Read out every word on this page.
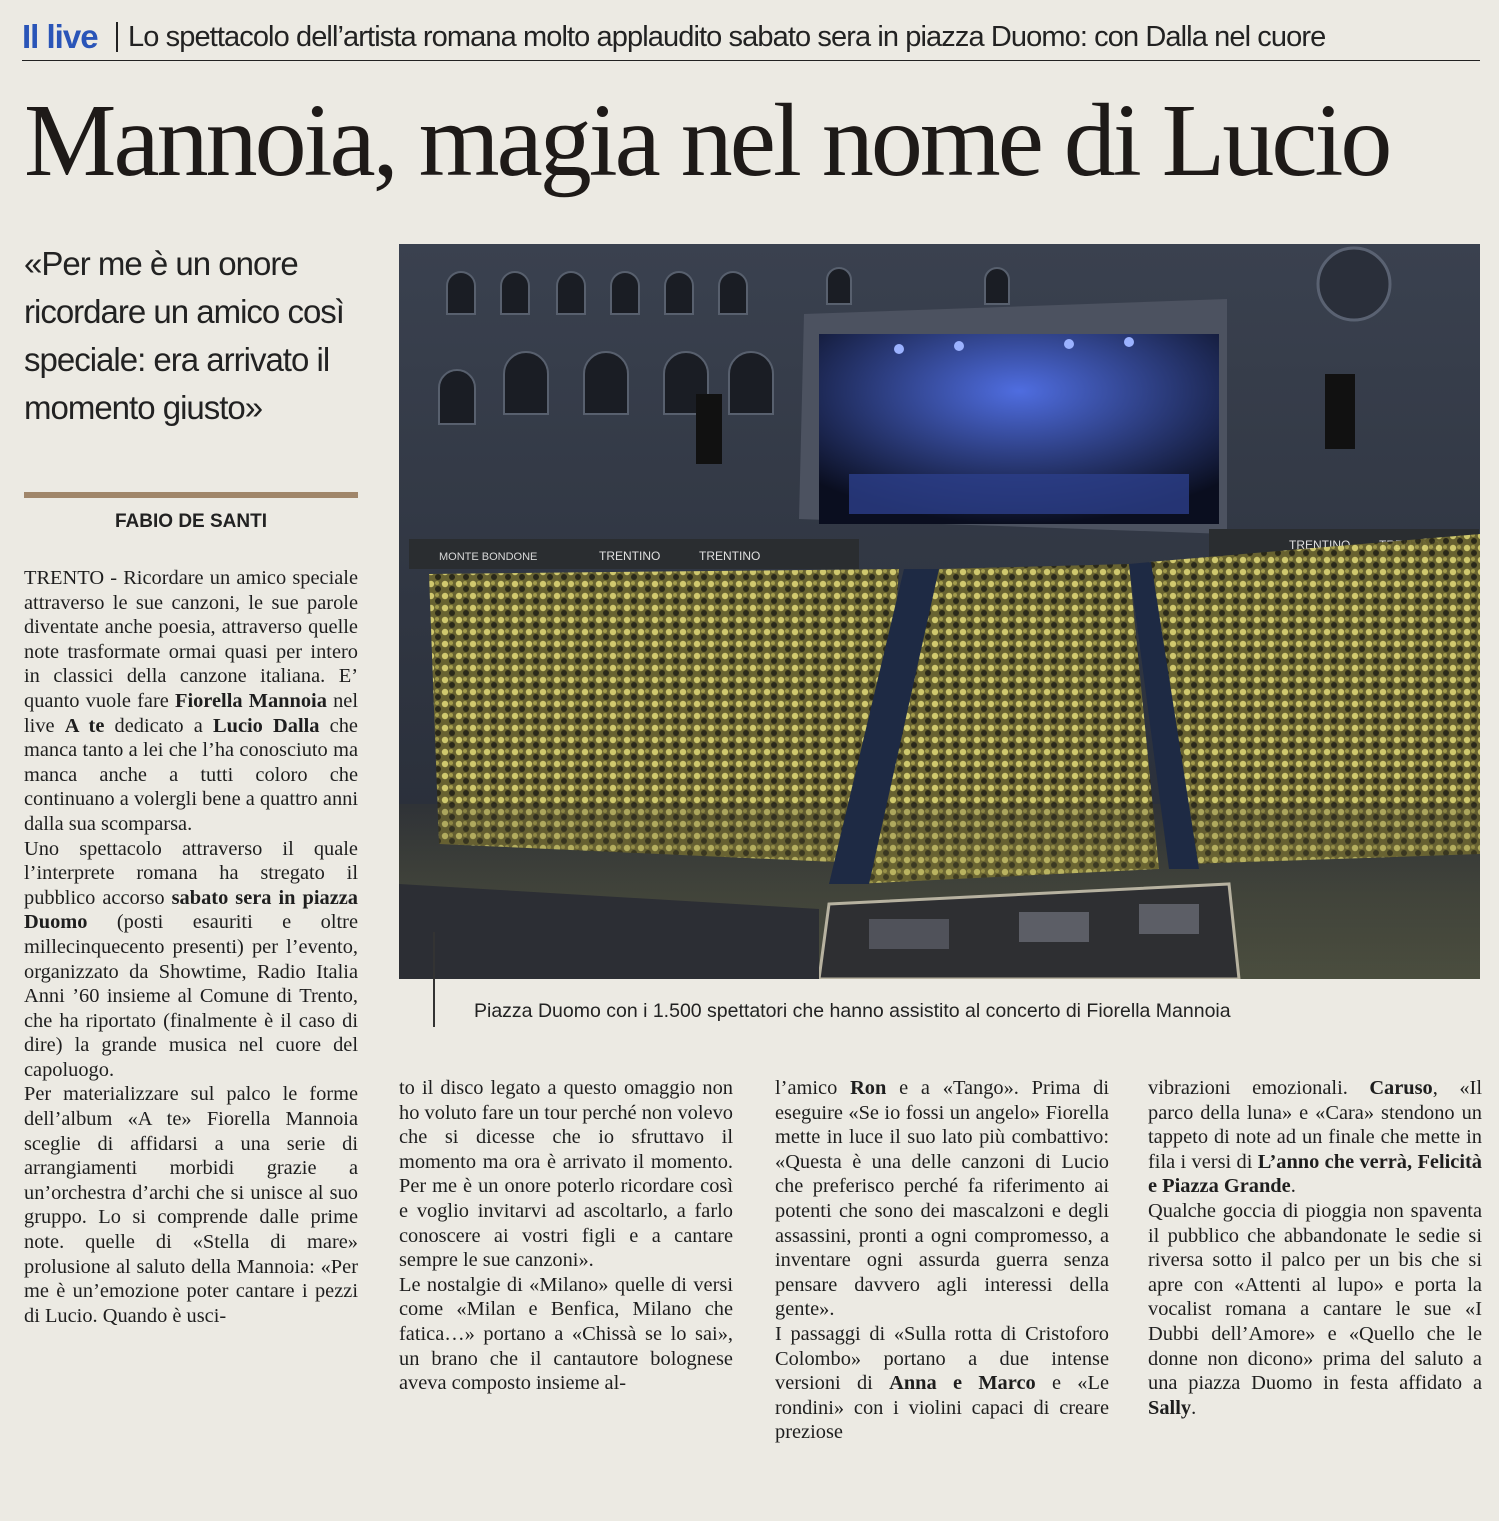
Il live Lo spettacolo dell’artista romana molto applaudito sabato sera in piazza Duomo: con Dalla nel cuore
Mannoia, magia nel nome di Lucio
«Per me è un onore ricordare un amico così speciale: era arrivato il momento giusto»
FABIO DE SANTI

TRENTO - Ricordare un amico speciale attraverso le sue canzoni, le sue parole diventate anche poesia, attraverso quelle note trasformate ormai quasi per intero in classici della canzone italiana. E’ quanto vuole fare Fiorella Mannoia nel live A te dedicato a Lucio Dalla che manca tanto a lei che l’ha conosciuto ma manca anche a tutti coloro che continuano a volergli bene a quattro anni dalla sua scomparsa.

Uno spettacolo attraverso il quale l’interprete romana ha stregato il pubblico accorso sabato sera in piazza Duomo (posti esauriti e oltre millecinquecento presenti) per l’evento, organizzato da Showtime, Radio Italia Anni ’60 insieme al Comune di Trento, che ha riportato (finalmente è il caso di dire) la grande musica nel cuore del capoluogo.

Per materializzare sul palco le forme dell’album «A te» Fiorella Mannoia sceglie di affidarsi a una serie di arrangiamenti morbidi grazie a un’orchestra d’archi che si unisce al suo gruppo. Lo si comprende dalle prime note. quelle di «Stella di mare» prolusione al saluto della Mannoia: «Per me è un’emozione poter cantare i pezzi di Lucio. Quando è usci-

MONTE BONDONE	TRENTINO	TRENTINO
TRENTINO
Piazza Duomo con i 1.500 spettatori che hanno assistito al concerto di Fiorella Mannoia

to il disco legato a questo omaggio non ho voluto fare un tour perché non volevo che si dicesse che io sfruttavo il momento ma ora è arrivato il momento. Per me è un onore poterlo ricordare così e voglio invitarvi ad ascoltarlo, a farlo conoscere ai vostri figli e a cantare sempre le sue canzoni».

Le nostalgie di «Milano» quelle di versi come «Milan e Benfica, Milano che fatica…» portano a «Chissà se lo sai», un brano che il cantautore bolognese aveva composto insieme al-

l’amico Ron e a «Tango». Prima di eseguire «Se io fossi un angelo» Fiorella mette in luce il suo lato più combattivo: «Questa è una delle canzoni di Lucio che preferisco perché fa riferimento ai potenti che sono dei mascalzoni e degli assassini, pronti a ogni compromesso, a inventare ogni assurda guerra senza pensare davvero agli interessi della gente».

I passaggi di «Sulla rotta di Cristoforo Colombo» portano a due intense versioni di Anna e Marco e «Le rondini» con i violini capaci di creare preziose

vibrazioni emozionali. Caruso, «Il parco della luna» e «Cara» stendono un tappeto di note ad un finale che mette in fila i versi di L’anno che verrà, Felicità e Piazza Grande.

Qualche goccia di pioggia non spaventa il pubblico che abbandonate le sedie si riversa sotto il palco per un bis che si apre con «Attenti al lupo» e porta la vocalist romana a cantare le sue «I Dubbi dell’Amore» e «Quello che le donne non dicono» prima del saluto a una piazza Duomo in festa affidato a Sally.
